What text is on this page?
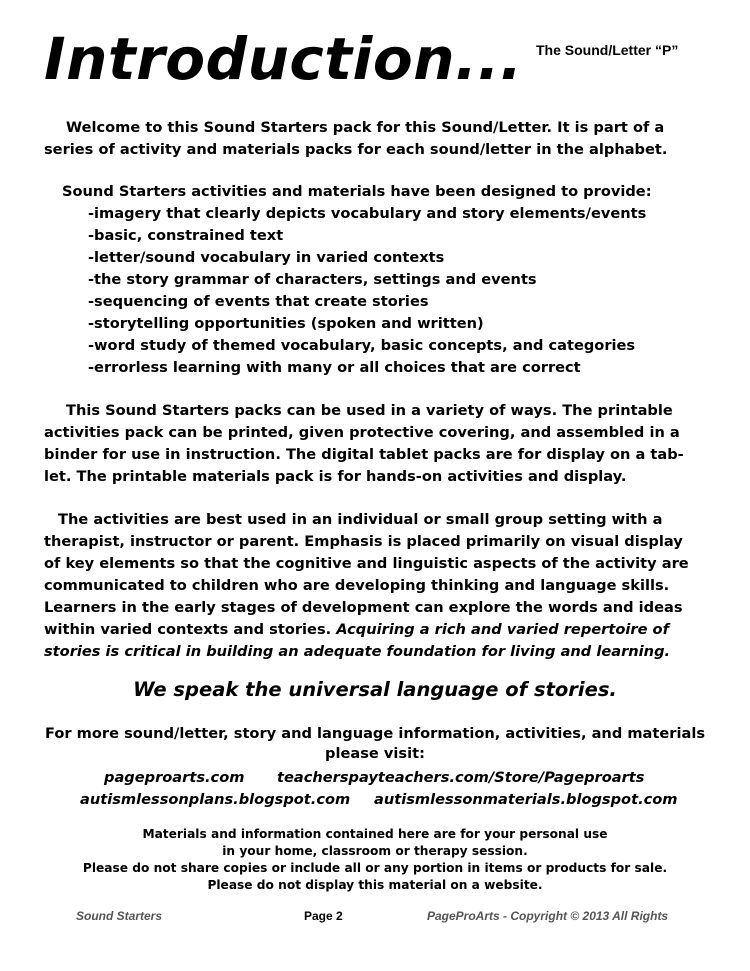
Introduction... The Sound/Letter “P”

Welcome to this Sound Starters pack for this Sound/Letter. It is part of a
series of activity and materials packs for each sound/letter in the alphabet.

Sound Starters activities and materials have been designed to provide:

-imagery that clearly depicts vocabulary and story elements/events
-basic, constrained text
-letter/sound vocabulary in varied contexts
-the story grammar of characters, settings and events
-sequencing of events that create stories
-storytelling opportunities (spoken and written)
-word study of themed vocabulary, basic concepts, and categories
-errorless learning with many or all choices that are correct

This Sound Starters packs can be used in a variety of ways. The printable
activities pack can be printed, given protective covering, and assembled in a
binder for use in instruction. The digital tablet packs are for display on a tab-
let. The printable materials pack is for hands-on activities and display.

The activities are best used in an individual or small group setting with a
therapist, instructor or parent. Emphasis is placed primarily on visual display
of key elements so that the cognitive and linguistic aspects of the activity are
communicated to children who are developing thinking and language skills.
Learners in the early stages of development can explore the words and ideas
within varied contexts and stories. Acquiring a rich and varied repertoire of
stories is critical in building an adequate foundation for living and learning.

We speak the universal language of stories.
For more sound/letter, story and language information, activities, and materials
please visit:
pageproarts.com teacherspayteachers.com/Store/Pageproarts
autismlessonplans.blogspot.com autismlessonmaterials.blogspot.com
Materials and information contained here are for your personal use
in your home, classroom or therapy session.
Please do not share copies or include all or any portion in items or products for sale.
Please do not display this material on a website.
Sound Starters	Page 2	PageProArts - Copyright © 2013 All Rights
